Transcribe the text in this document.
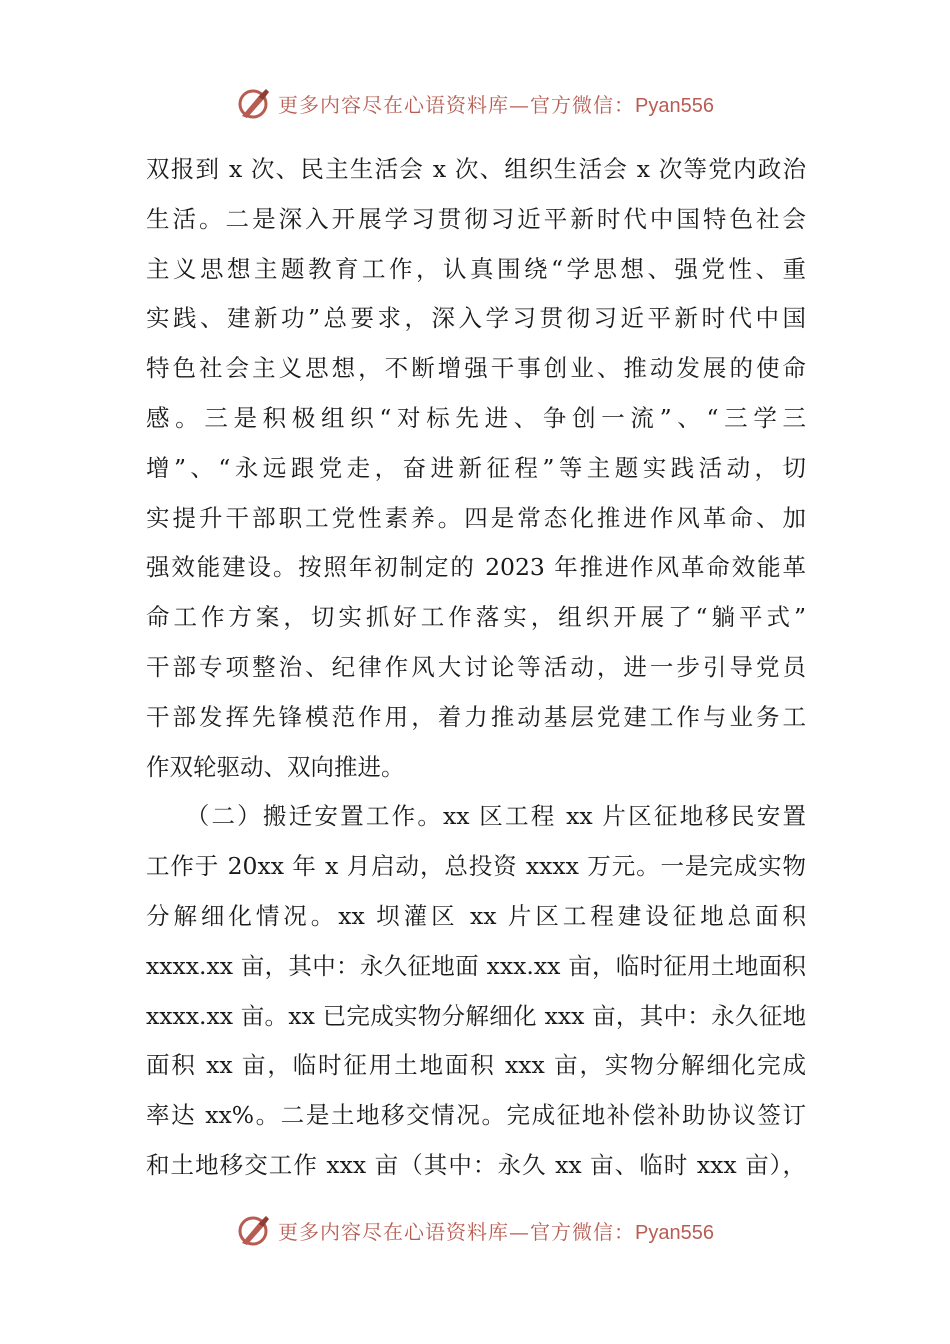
更多内容尽在心语资料库—官方微信：Pyan556
双报到 x 次、民主生活会 x 次、组织生活会 x 次等党内政治
生活。二是深入开展学习贯彻习近平新时代中国特色社会
主义思想主题教育工作，认真围绕“学思想、强党性、重
实践、建新功”总要求，深入学习贯彻习近平新时代中国
特色社会主义思想，不断增强干事创业、推动发展的使命
感。三是积极组织“对标先进、争创一流”、“三学三
增”、“永远跟党走，奋进新征程”等主题实践活动，切
实提升干部职工党性素养。四是常态化推进作风革命、加
强效能建设。按照年初制定的 2023 年推进作风革命效能革
命工作方案，切实抓好工作落实，组织开展了“躺平式”
干部专项整治、纪律作风大讨论等活动，进一步引导党员
干部发挥先锋模范作用，着力推动基层党建工作与业务工
作双轮驱动、双向推进。
　　（二）搬迁安置工作。xx 区工程 xx 片区征地移民安置
工作于 20xx 年 x 月启动，总投资 xxxx 万元。一是完成实物
分解细化情况。xx 坝灌区 xx 片区工程建设征地总面积
xxxx.xx 亩，其中：永久征地面 xxx.xx 亩，临时征用土地面积
xxxx.xx 亩。xx 已完成实物分解细化 xxx 亩，其中：永久征地
面积 xx 亩，临时征用土地面积 xxx 亩，实物分解细化完成
率达 xx%。二是土地移交情况。完成征地补偿补助协议签订
和土地移交工作 xxx 亩（其中：永久 xx 亩、临时 xxx 亩），
更多内容尽在心语资料库—官方微信：Pyan556
